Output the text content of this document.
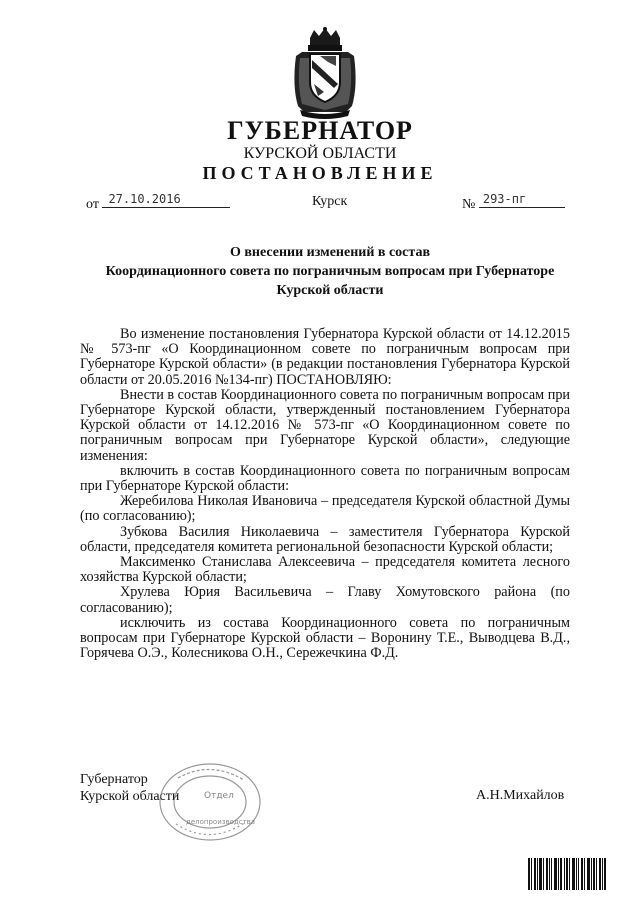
ГУБЕРНАТОР
КУРСКОЙ ОБЛАСТИ
ПОСТАНОВЛЕНИЕ
от 27.10.2016	Курск	№ 293-пг
О внесении изменений в состав
Координационного совета по пограничным вопросам при Губернаторе
Курской области

Во изменение постановления Губернатора Курской области от 14.12.2015 № 573-пг «О Координационном совете по пограничным вопросам при Губернаторе Курской области» (в редакции постановления Губернатора Курской области от 20.05.2016 №134-пг) ПОСТАНОВЛЯЮ:

Внести в состав Координационного совета по пограничным вопросам при Губернаторе Курской области, утвержденный постановлением Губернатора Курской области от 14.12.2016 № 573-пг «О Координационном совете по пограничным вопросам при Губернаторе Курской области», следующие изменения:

включить в состав Координационного совета по пограничным вопросам при Губернаторе Курской области:

Жеребилова Николая Ивановича – председателя Курской областной Думы (по согласованию);

Зубкова Василия Николаевича – заместителя Губернатора Курской области, председателя комитета региональной безопасности Курской области;

Максименко Станислава Алексеевича – председателя комитета лесного хозяйства Курской области;

Хрулева Юрия Васильевича – Главу Хомутовского района (по согласованию);

исключить из состава Координационного совета по пограничным вопросам при Губернаторе Курской области – Воронину Т.Е., Выводцева В.Д., Горячева О.Э., Колесникова О.Н., Сережечкина Ф.Д.

Губернатор
Курской области	Отдел
делопроизводства
А.Н.Михайлов
